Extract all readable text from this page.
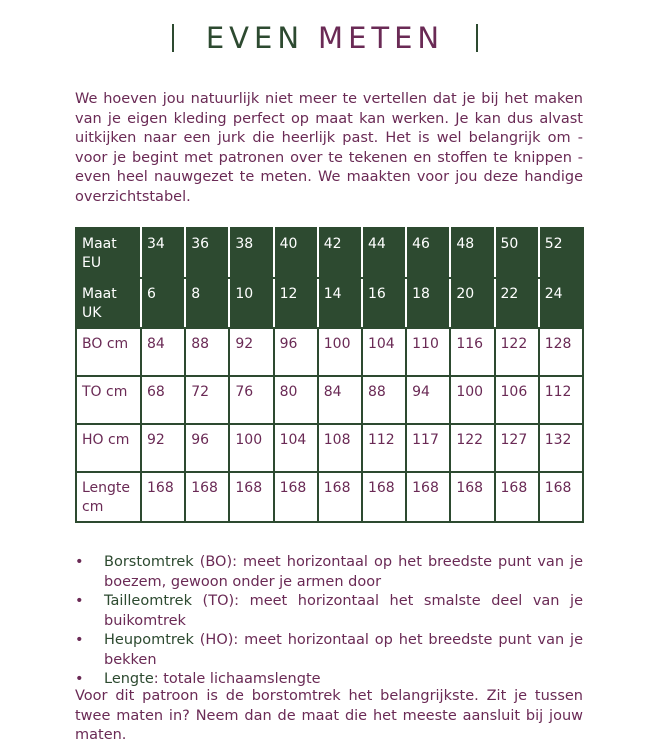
EVEN METEN

We hoeven jou natuurlijk niet meer te vertellen dat je bij het maken van je eigen kleding perfect op maat kan werken. Je kan dus alvast uitkijken naar een jurk die heerlijk past. Het is wel belangrijk om - voor je begint met patronen over te tekenen en stoffen te knippen - even heel nauwgezet te meten. We maakten voor jou deze handige overzichtstabel.

Maat EU	34	36	38	40	42	44	46	48	50	52
Maat UK	6	8	10	12	14	16	18	20	22	24
BO cm	84	88	92	96	100	104	110	116	122	128
TO cm	68	72	76	80	84	88	94	100	106	112
HO cm	92	96	100	104	108	112	117	122	127	132
Lengte cm	168	168	168	168	168	168	168	168	168	168
• Borstomtrek (BO): meet horizontaal op het breedste punt van je boezem, gewoon onder je armen door
• Tailleomtrek (TO): meet horizontaal het smalste deel van je buikomtrek
• Heupomtrek (HO): meet horizontaal op het breedste punt van je bekken
• Lengte: totale lichaamslengte

Voor dit patroon is de borstomtrek het belangrijkste. Zit je tussen twee maten in? Neem dan de maat die het meeste aansluit bij jouw maten.
